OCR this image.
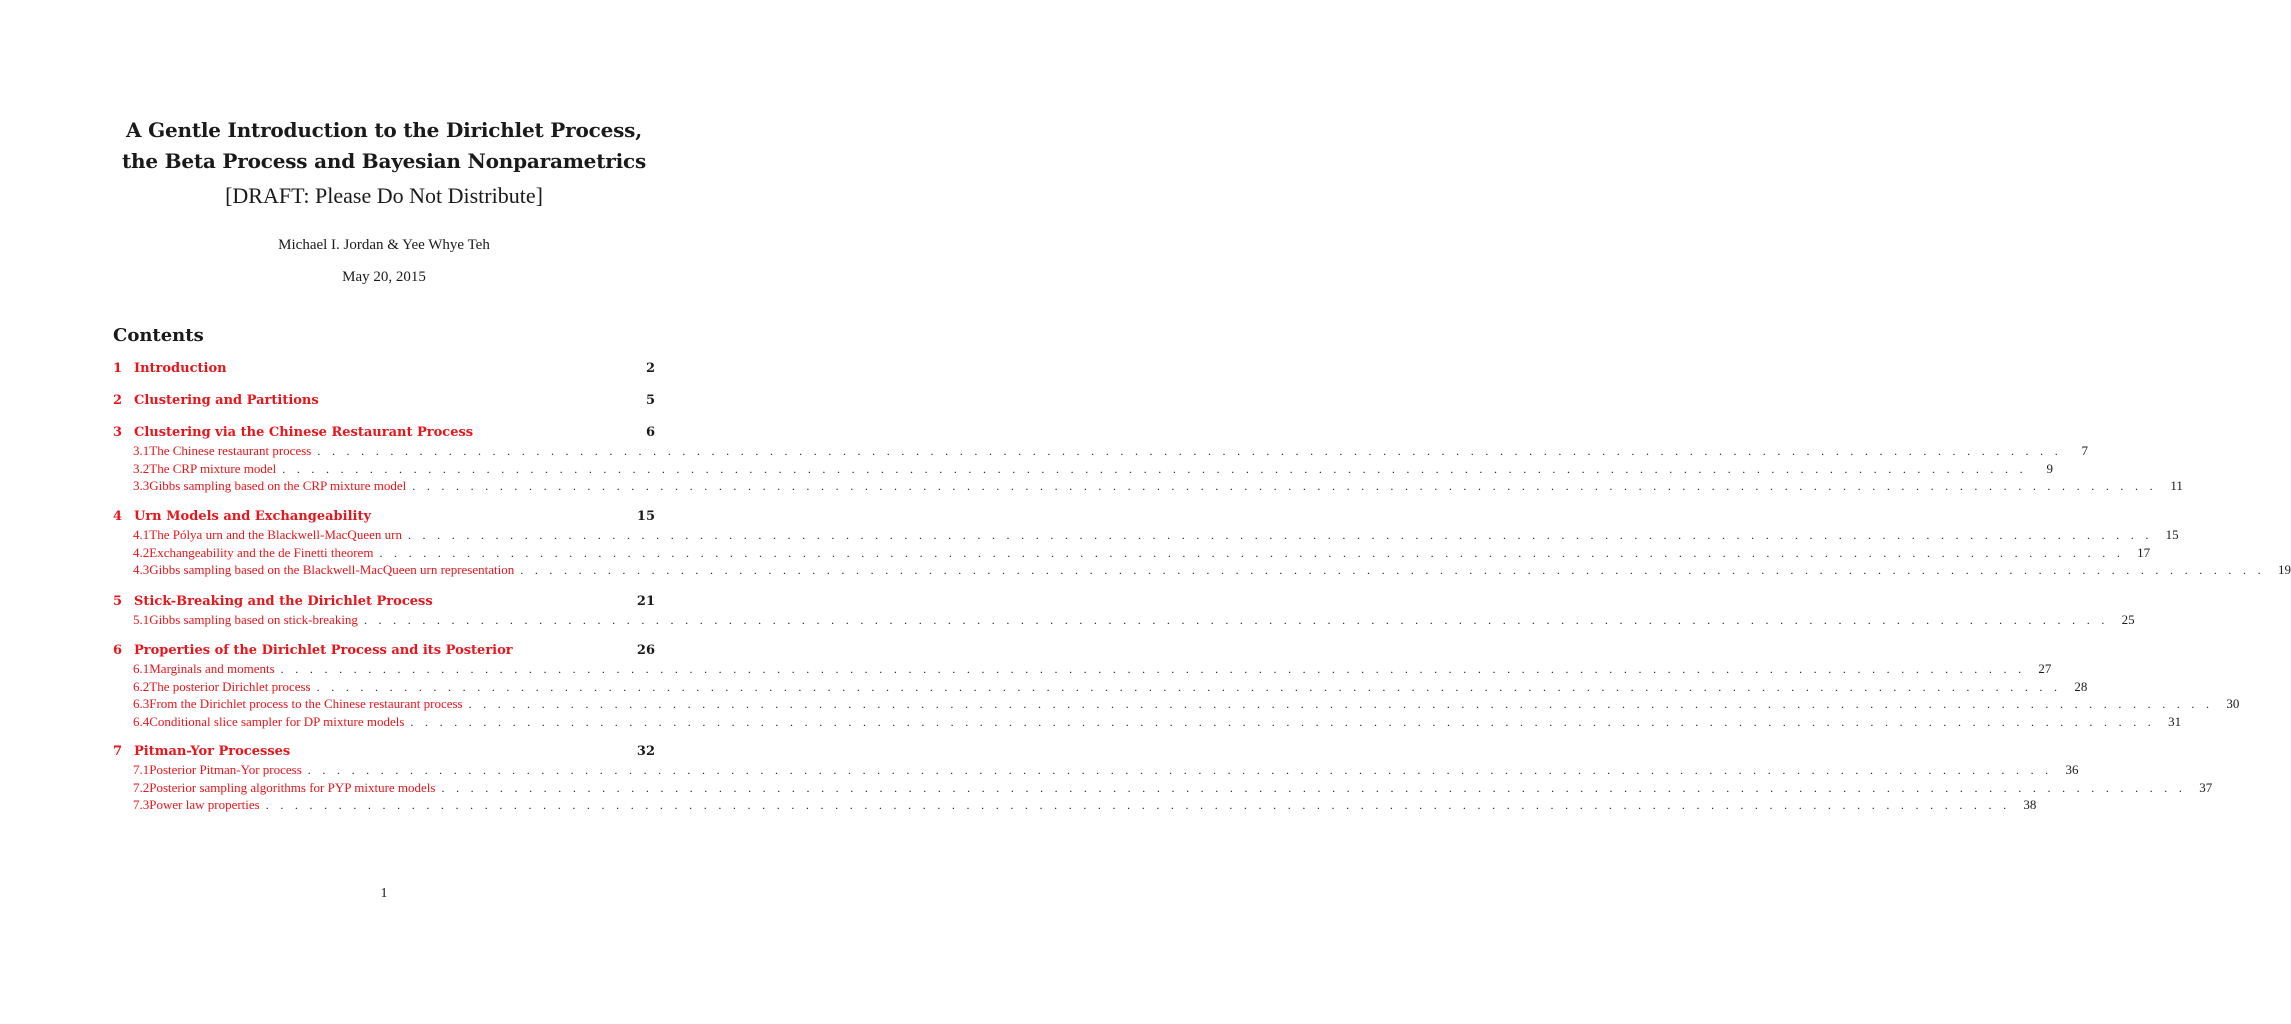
A Gentle Introduction to the Dirichlet Process,
the Beta Process and Bayesian Nonparametrics
[DRAFT: Please Do Not Distribute]
Michael I. Jordan & Yee Whye Teh
May 20, 2015
Contents
1 Introduction	2
2 Clustering and Partitions	5
3 Clustering via the Chinese Restaurant Process	6
3.1 The Chinese restaurant process . . . . . . . . . . . . . . . . . . . . . . . . . . . . . . . . . . . . . . . . . . . . . . . . . . . . . . . . . . . . . . . . . . . . . . . . . . . . . . . . . . . . . . . . . . . . . . . . . . . . . . . . . . . . . . . . . . . . . . . .	7
3.2 The CRP mixture model . . . . . . . . . . . . . . . . . . . . . . . . . . . . . . . . . . . . . . . . . . . . . . . . . . . . . . . . . . . . . . . . . . . . . . . . . . . . . . . . . . . . . . . . . . . . . . . . . . . . . . . . . . . . . . . . . . . . . . . .	9
3.3 Gibbs sampling based on the CRP mixture model . . . . . . . . . . . . . . . . . . . . . . . . . . . . . . . . . . . . . . . . . . . . . . . . . . . . . . . . . . . . . . . . . . . . . . . . . . . . . . . . . . . . . . . . . . . . . . . . . . . . . . . . . . . . . . . . . . . . . . . . 11
4 Urn Models and Exchangeability	15
4.1 The Pólya urn and the Blackwell-MacQueen urn . . . . . . . . . . . . . . . . . . . . . . . . . . . . . . . . . . . . . . . . . . . . . . . . . . . . . . . . . . . . . . . . . . . . . . . . . . . . . . . . . . . . . . . . . . . . . . . . . . . . . . . . . . . . . . . . . . . . . . . . 15
4.2 Exchangeability and the de Finetti theorem . . . . . . . . . . . . . . . . . . . . . . . . . . . . . . . . . . . . . . . . . . . . . . . . . . . . . . . . . . . . . . . . . . . . . . . . . . . . . . . . . . . . . . . . . . . . . . . . . . . . . . . . . . . . . . . . . . . . . . . . 17
4.3 Gibbs sampling based on the Blackwell-MacQueen urn representation . . . . . . . . . . . . . . . . . . . . . . . . . . . . . . . . . . . . . . . . . . . . . . . . . . . . . . . . . . . . . . . . . . . . . . . . . . . . . . . . . . . . . . . . . . . . . . . . . . . . . . . . . . . . . . . . . . . . . . . . 19
5 Stick-Breaking and the Dirichlet Process	21
5.1 Gibbs sampling based on stick-breaking . . . . . . . . . . . . . . . . . . . . . . . . . . . . . . . . . . . . . . . . . . . . . . . . . . . . . . . . . . . . . . . . . . . . . . . . . . . . . . . . . . . . . . . . . . . . . . . . . . . . . . . . . . . . . . . . . . . . . . . . 25
6 Properties of the Dirichlet Process and its Posterior	26
6.1 Marginals and moments . . . . . . . . . . . . . . . . . . . . . . . . . . . . . . . . . . . . . . . . . . . . . . . . . . . . . . . . . . . . . . . . . . . . . . . . . . . . . . . . . . . . . . . . . . . . . . . . . . . . . . . . . . . . . . . . . . . . . . . . 27
6.2 The posterior Dirichlet process . . . . . . . . . . . . . . . . . . . . . . . . . . . . . . . . . . . . . . . . . . . . . . . . . . . . . . . . . . . . . . . . . . . . . . . . . . . . . . . . . . . . . . . . . . . . . . . . . . . . . . . . . . . . . . . . . . . . . . . . 28
6.3 From the Dirichlet process to the Chinese restaurant process . . . . . . . . . . . . . . . . . . . . . . . . . . . . . . . . . . . . . . . . . . . . . . . . . . . . . . . . . . . . . . . . . . . . . . . . . . . . . . . . . . . . . . . . . . . . . . . . . . . . . . . . . . . . . . . . . . . . . . . . 30
6.4 Conditional slice sampler for DP mixture models . . . . . . . . . . . . . . . . . . . . . . . . . . . . . . . . . . . . . . . . . . . . . . . . . . . . . . . . . . . . . . . . . . . . . . . . . . . . . . . . . . . . . . . . . . . . . . . . . . . . . . . . . . . . . . . . . . . . . . . . 31
7 Pitman-Yor Processes	32
7.1 Posterior Pitman-Yor process . . . . . . . . . . . . . . . . . . . . . . . . . . . . . . . . . . . . . . . . . . . . . . . . . . . . . . . . . . . . . . . . . . . . . . . . . . . . . . . . . . . . . . . . . . . . . . . . . . . . . . . . . . . . . . . . . . . . . . . . 36
7.2 Posterior sampling algorithms for PYP mixture models . . . . . . . . . . . . . . . . . . . . . . . . . . . . . . . . . . . . . . . . . . . . . . . . . . . . . . . . . . . . . . . . . . . . . . . . . . . . . . . . . . . . . . . . . . . . . . . . . . . . . . . . . . . . . . . . . . . . . . . . 37
7.3 Power law properties . . . . . . . . . . . . . . . . . . . . . . . . . . . . . . . . . . . . . . . . . . . . . . . . . . . . . . . . . . . . . . . . . . . . . . . . . . . . . . . . . . . . . . . . . . . . . . . . . . . . . . . . . . . . . . . . . . . . . . . . 38
1
